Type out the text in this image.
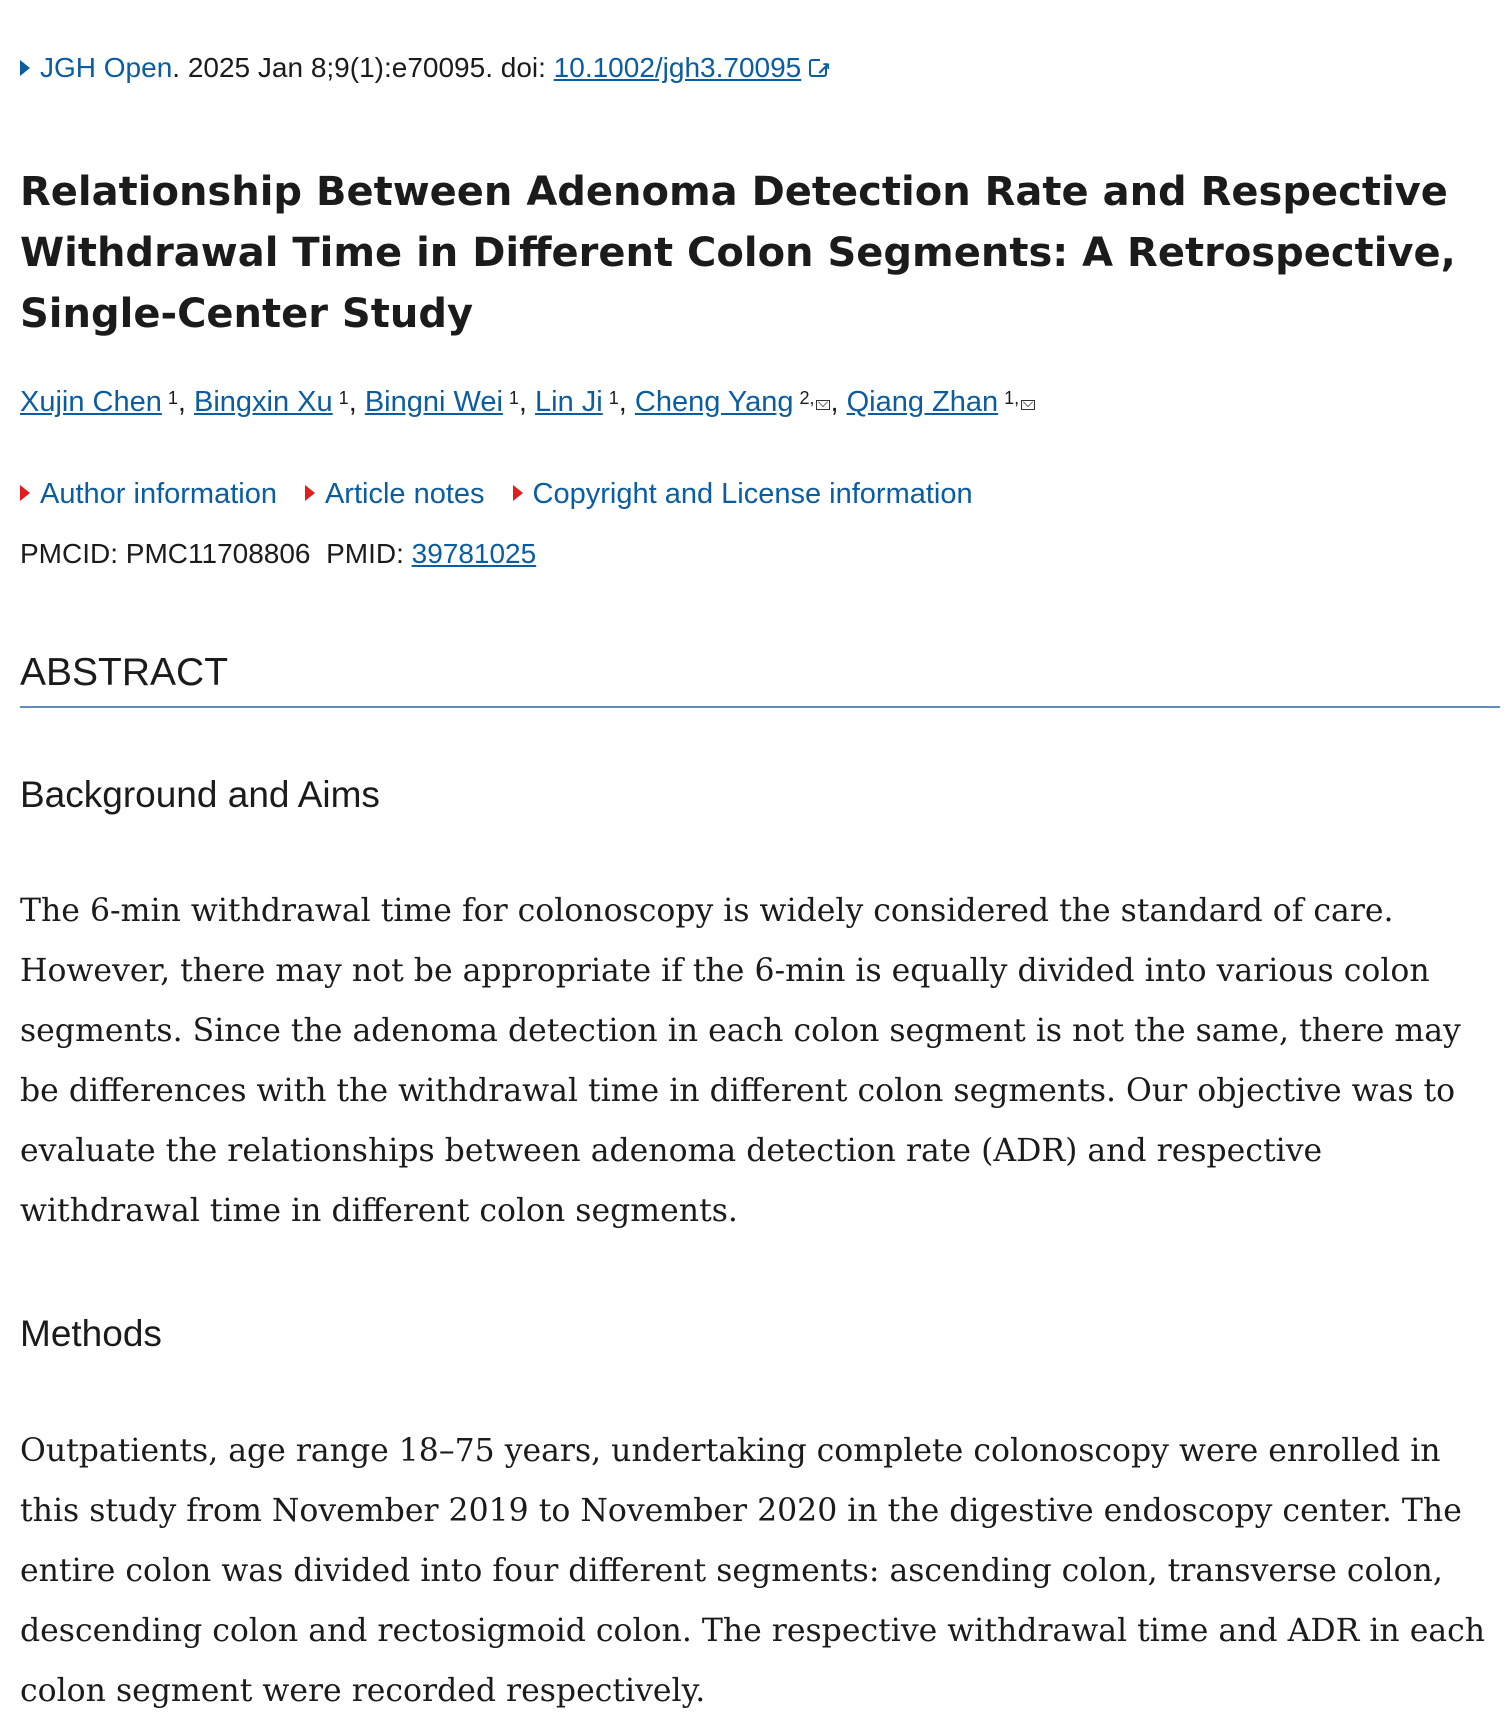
JGH Open. 2025 Jan 8;9(1):e70095. doi: 10.1002/jgh3.70095↗
Relationship Between Adenoma Detection Rate and Respective Withdrawal Time in Different Colon Segments: A Retrospective, Single-Center Study
Xujin Chen $^1$, Bingxin Xu $^1$, Bingni Wei $^1$, Lin Ji $^1$, Cheng Yang $^{2,}$ , Qiang Zhan $^{1,}$
Author information Article notes Copyright and License information
PMCID: PMC11708806 PMID: 39781025
ABSTRACT
Background and Aims

The 6-min withdrawal time for colonoscopy is widely considered the standard of care. However, there may not be appropriate if the 6-min is equally divided into various colon segments. Since the adenoma detection in each colon segment is not the same, there may be differences with the withdrawal time in different colon segments. Our objective was to evaluate the relationships between adenoma detection rate (ADR) and respective withdrawal time in different colon segments.

Methods

Outpatients, age range 18–75 years, undertaking complete colonoscopy were enrolled in this study from November 2019 to November 2020 in the digestive endoscopy center. The entire colon was divided into four different segments: ascending colon, transverse colon, descending colon and rectosigmoid colon. The respective withdrawal time and ADR in each colon segment were recorded respectively.
